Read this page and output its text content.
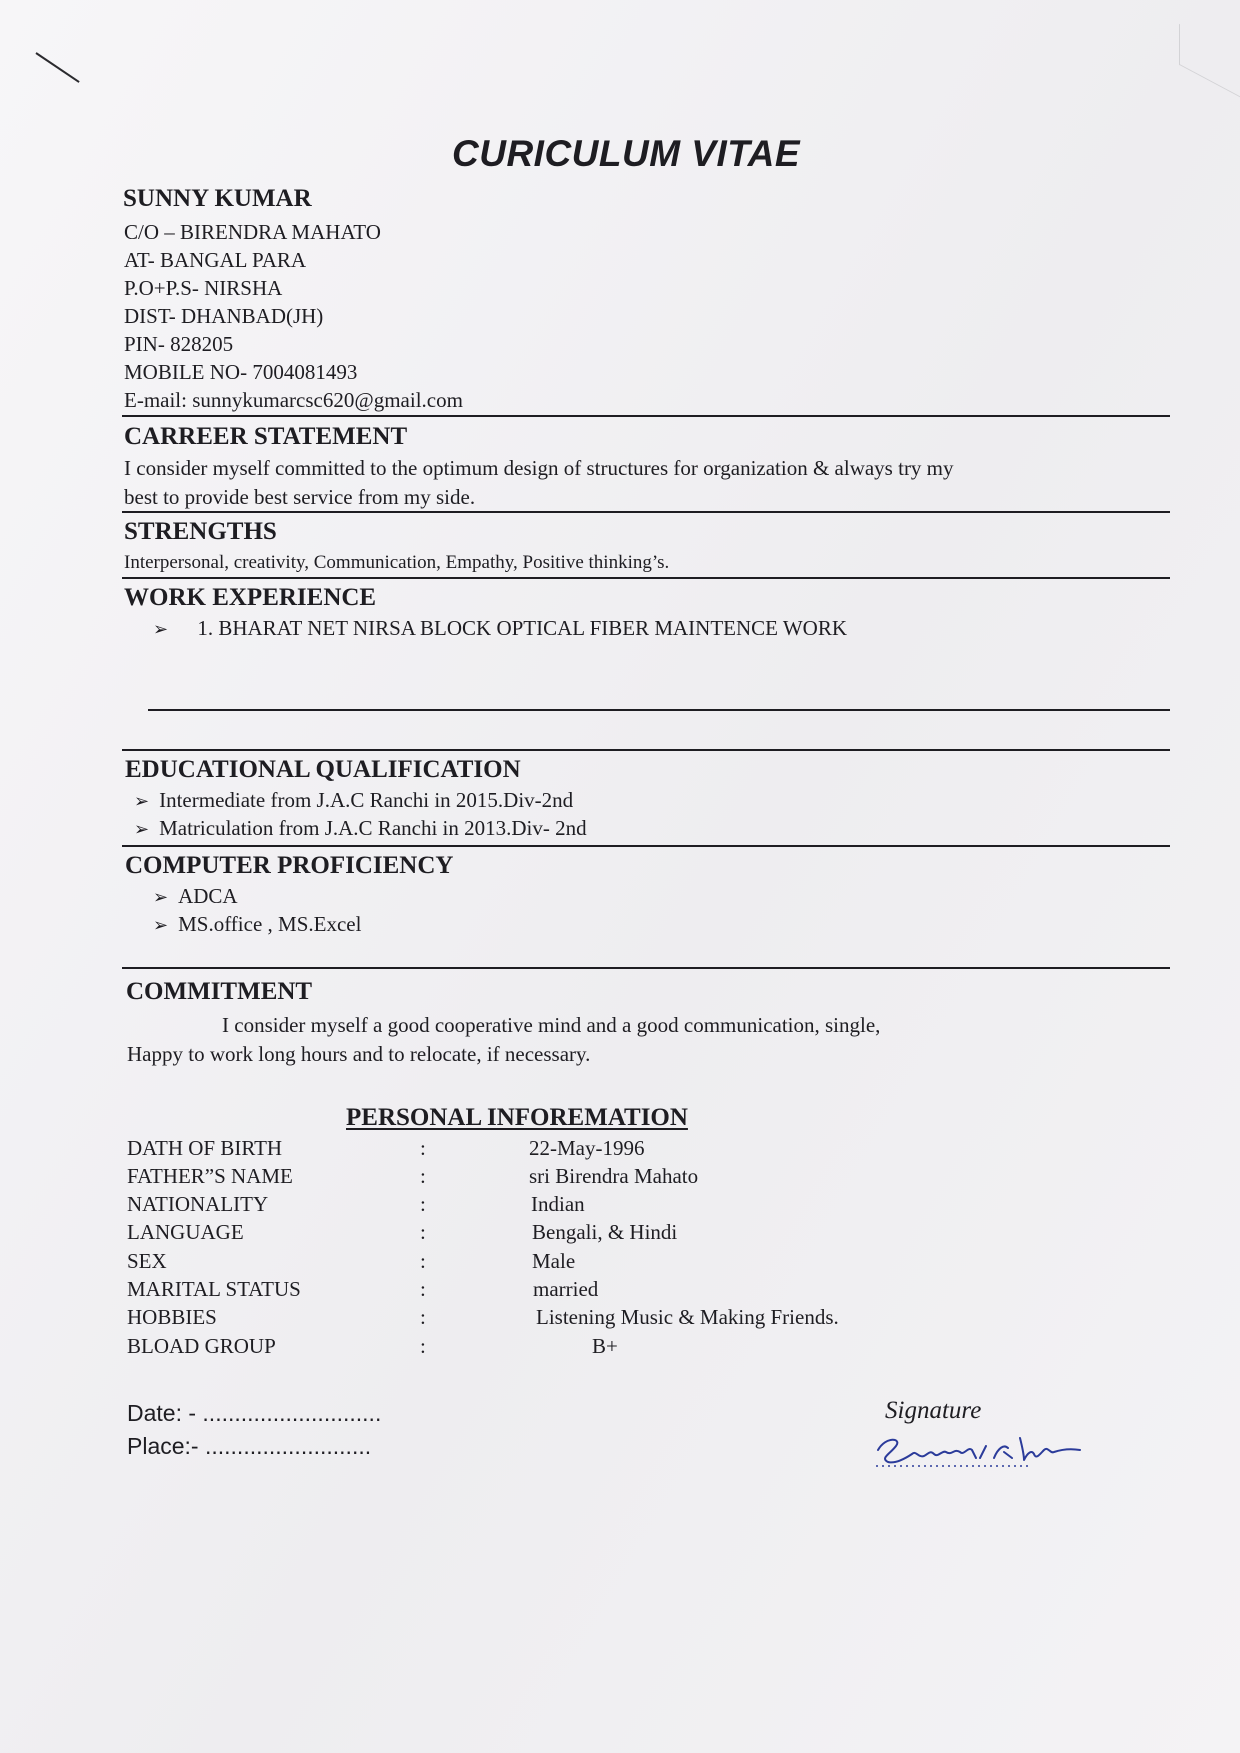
CURICULUM VITAE

SUNNY KUMAR

C/O – BIRENDRA MAHATO

AT- BANGAL PARA

P.O+P.S- NIRSHA

DIST- DHANBAD(JH)

PIN- 828205

MOBILE NO- 7004081493

E-mail: sunnykumarcsc620@gmail.com

CARREER STATEMENT

I consider myself committed to the optimum design of structures for organization & always try my

best to provide best service from my side.

STRENGTHS

Interpersonal, creativity, Communication, Empathy, Positive thinking’s.

WORK EXPERIENCE

➢ 1. BHARAT NET NIRSA BLOCK OPTICAL FIBER MAINTENCE WORK

EDUCATIONAL QUALIFICATION

➢ Intermediate from J.A.C Ranchi in 2015.Div-2nd

➢ Matriculation from J.A.C Ranchi in 2013.Div- 2nd

COMPUTER PROFICIENCY

➢ ADCA

➢ MS.office , MS.Excel

COMMITMENT

I consider myself a good cooperative mind and a good communication, single,

Happy to work long hours and to relocate, if necessary.

PERSONAL INFOREMATION

DATH OF BIRTH	:	22-May-1996

FATHER”S NAME	:	sri Birendra Mahato

NATIONALITY	:	Indian

LANGUAGE	:	Bengali, & Hindi

SEX	:	Male

MARITAL STATUS	:	married

HOBBIES	:	Listening Music & Making Friends.

BLOAD GROUP	:	B+

Date: - ............................

Place:- ..........................

Signature
